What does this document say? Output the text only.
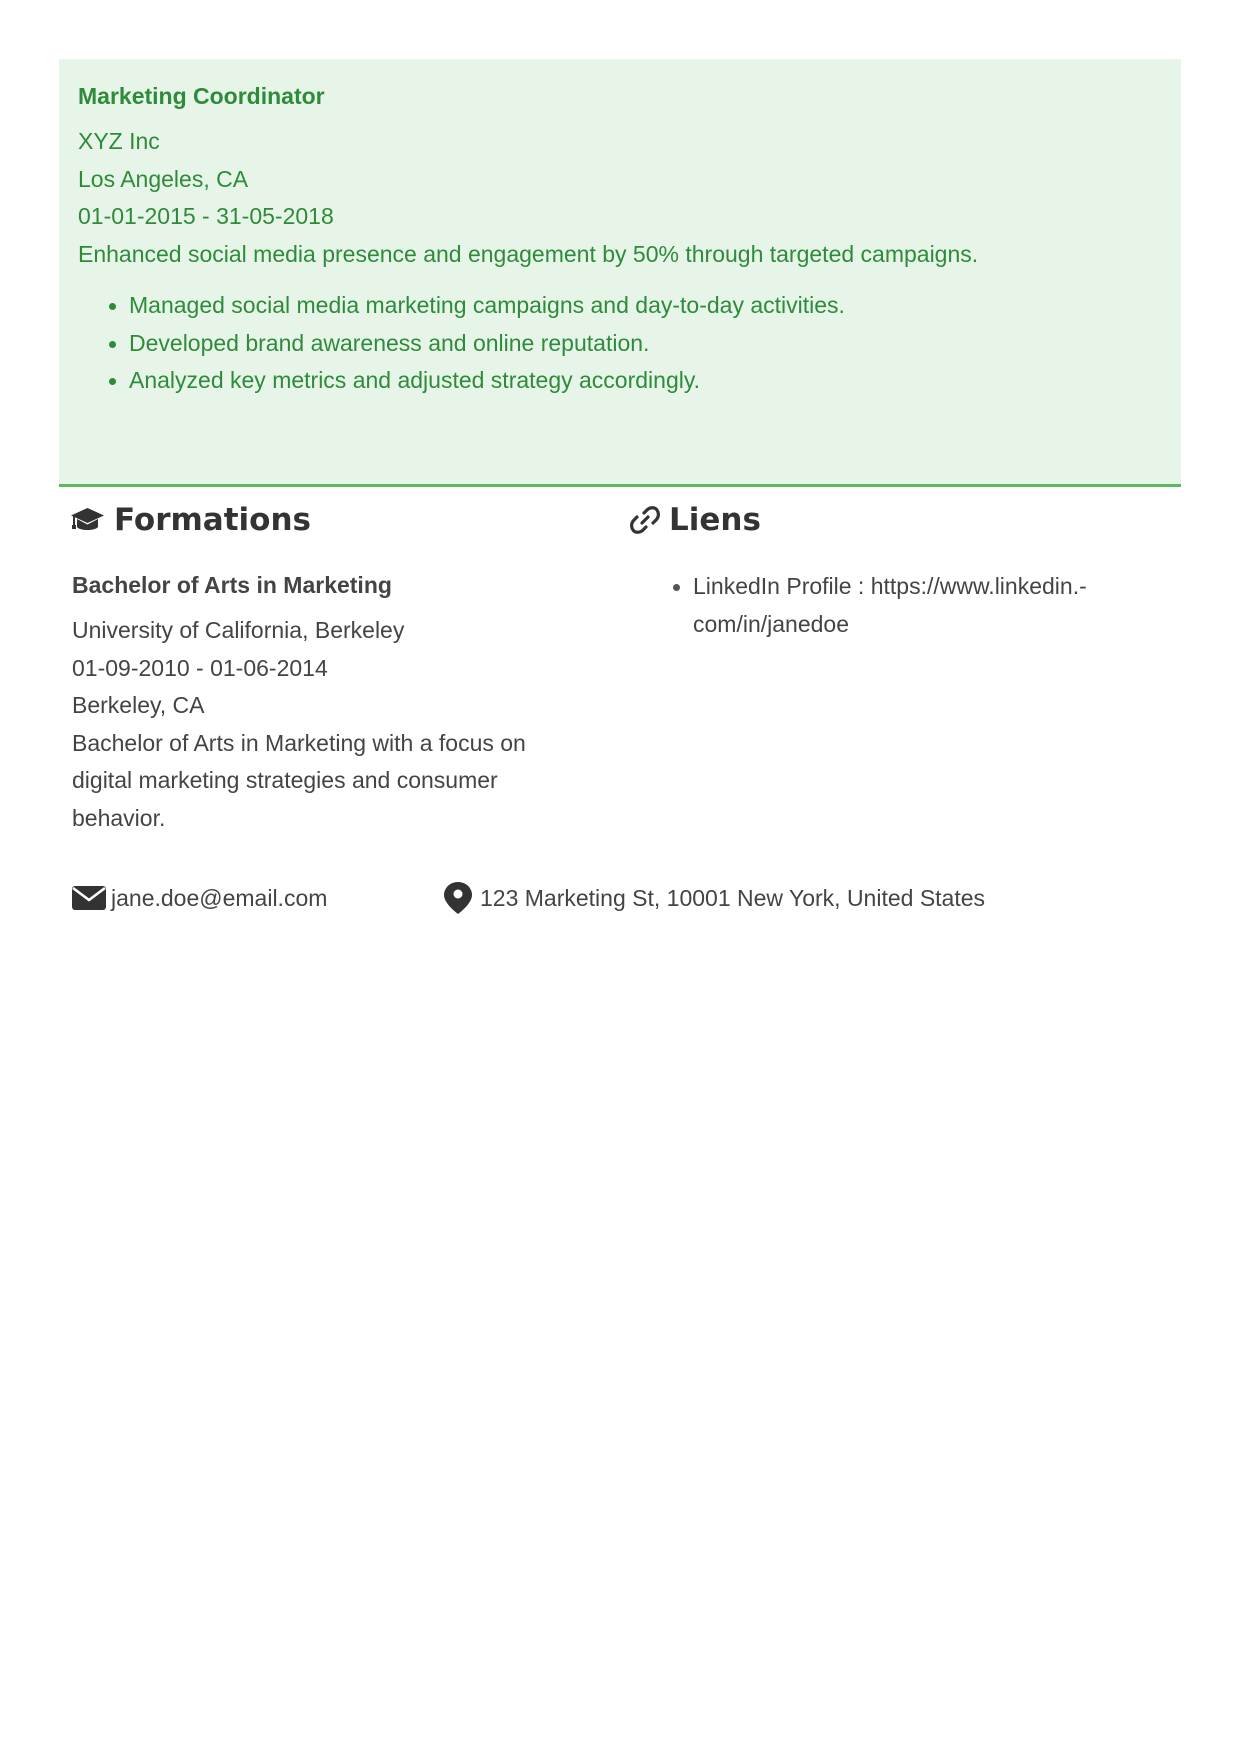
Marketing Coordinator

XYZ Inc

Los Angeles, CA

01-01-2015 - 31-05-2018

Enhanced social media presence and engagement by 50% through targeted campaigns.

Managed social media marketing campaigns and day-to-day activities.
Developed brand awareness and online reputation.
Analyzed key metrics and adjusted strategy accordingly.
Formations	Liens
Bachelor of Arts in Marketing

University of California, Berkeley

01-09-2010 - 01-06-2014

Berkeley, CA

Bachelor of Arts in Marketing with a focus on

digital marketing strategies and consumer

behavior.

LinkedIn Profile : https://www.linkedin.-
com/in/janedoe
jane.doe@email.com	123 Marketing St, 10001 New York, United States
